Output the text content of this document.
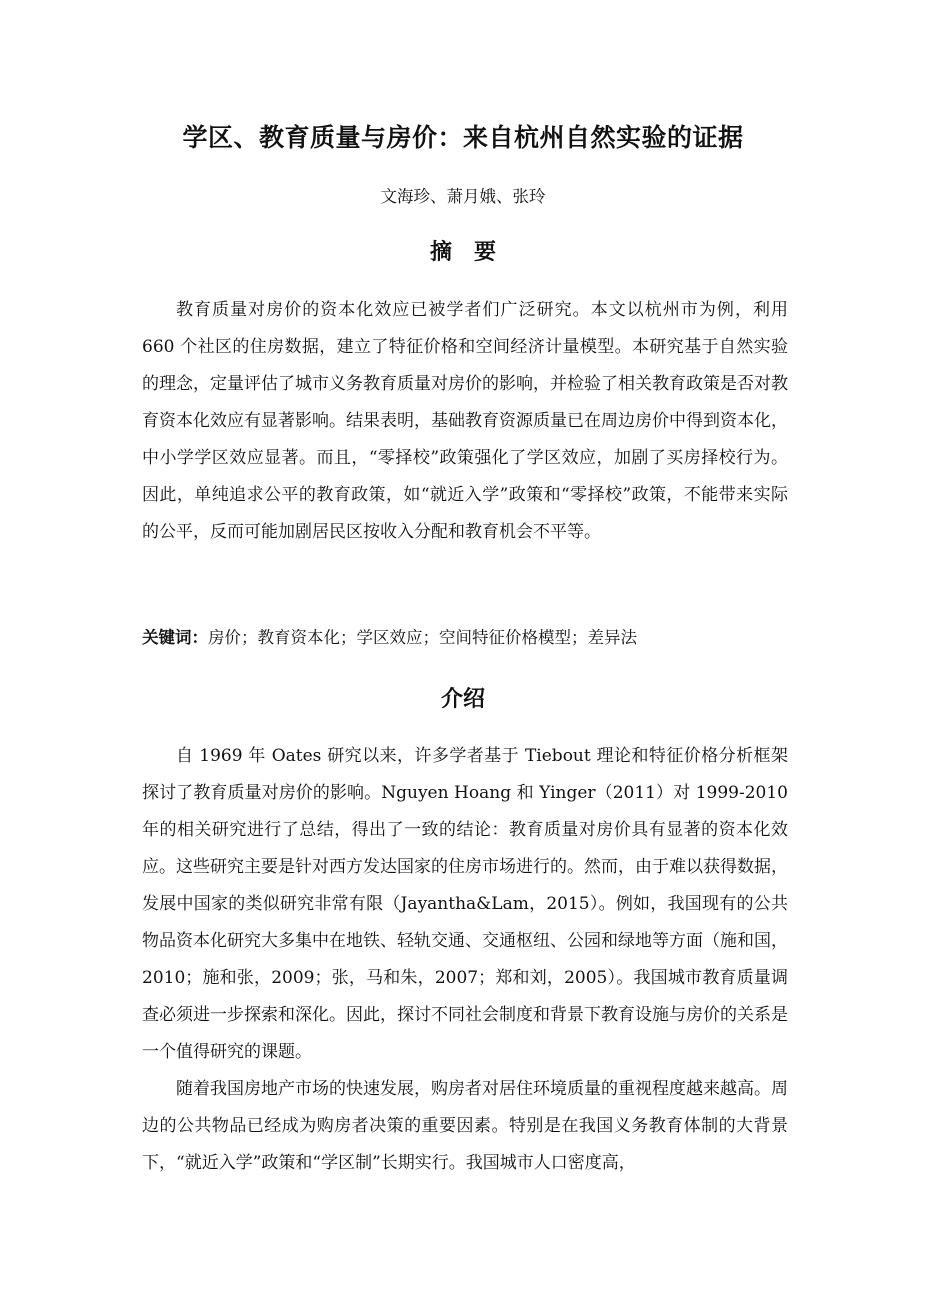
学区、教育质量与房价：来自杭州自然实验的证据
文海珍、萧月娥、张玲
摘要

教育质量对房价的资本化效应已被学者们广泛研究。本文以杭州市为例，利用 660 个社区的住房数据，建立了特征价格和空间经济计量模型。本研究基于自然实验的理念，定量评估了城市义务教育质量对房价的影响，并检验了相关教育政策是否对教育资本化效应有显著影响。结果表明，基础教育资源质量已在周边房价中得到资本化，中小学学区效应显著。而且，“零择校”政策强化了学区效应，加剧了买房择校行为。因此，单纯追求公平的教育政策，如“就近入学”政策和“零择校”政策，不能带来实际的公平，反而可能加剧居民区按收入分配和教育机会不平等。

关键词：房价；教育资本化；学区效应；空间特征价格模型；差异法
介绍

自 1969 年 Oates 研究以来，许多学者基于 Tiebout 理论和特征价格分析框架探讨了教育质量对房价的影响。Nguyen Hoang 和 Yinger（2011）对 1999-2010 年的相关研究进行了总结，得出了一致的结论：教育质量对房价具有显著的资本化效应。这些研究主要是针对西方发达国家的住房市场进行的。然而，由于难以获得数据，发展中国家的类似研究非常有限（Jayantha&Lam，2015）。例如，我国现有的公共物品资本化研究大多集中在地铁、轻轨交通、交通枢纽、公园和绿地等方面（施和国，2010；施和张，2009；张，马和朱，2007；郑和刘，2005）。我国城市教育质量调查必须进一步探索和深化。因此，探讨不同社会制度和背景下教育设施与房价的关系是一个值得研究的课题。

随着我国房地产市场的快速发展，购房者对居住环境质量的重视程度越来越高。周边的公共物品已经成为购房者决策的重要因素。特别是在我国义务教育体制的大背景下，“就近入学”政策和“学区制”长期实行。我国城市人口密度高，
